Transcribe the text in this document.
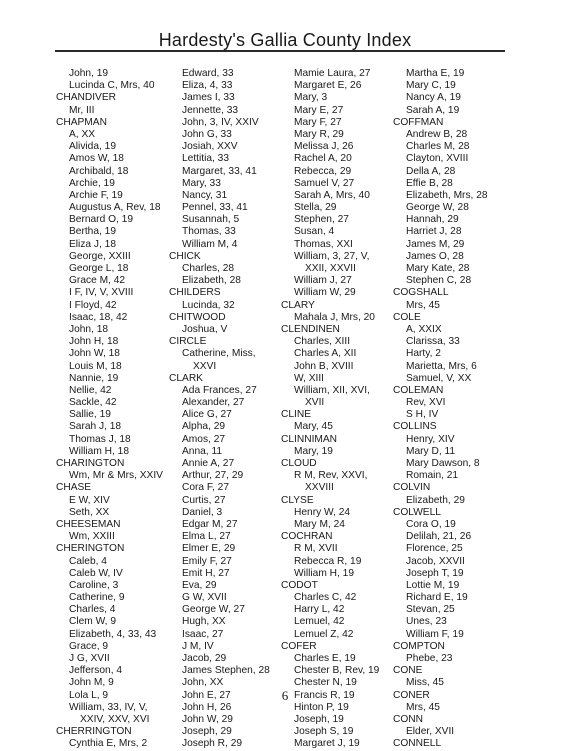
Hardesty's Gallia County Index
John, 19
Lucinda C, Mrs, 40
CHANDIVER
Mr, III
CHAPMAN
A, XX
Alivida, 19
Amos W, 18
Archibald, 18
Archie, 19
Archie F, 19
Augustus A, Rev, 18
Bernard O, 19
Bertha, 19
Eliza J, 18
George, XXIII
George L, 18
Grace M, 42
I F, IV, V, XVIII
I Floyd, 42
Isaac, 18, 42
John, 18
John H, 18
John W, 18
Louis M, 18
Nannie, 19
Nellie, 42
Sackle, 42
Sallie, 19
Sarah J, 18
Thomas J, 18
William H, 18
CHARINGTON
Wm, Mr & Mrs, XXIV
CHASE
E W, XIV
Seth, XX
CHEESEMAN
Wm, XXIII
CHERINGTON
Caleb, 4
Caleb W, IV
Caroline, 3
Catherine, 9
Charles, 4
Clem W, 9
Elizabeth, 4, 33, 43
Grace, 9
J G, XVII
Jefferson, 4
John M, 9
Lola L, 9
William, 33, IV, V,
XXIV, XXV, XVI
CHERRINGTON
Cynthia E, Mrs, 2
Edward, 33
Eliza, 4, 33
James I, 33
Jennette, 33
John, 3, IV, XXIV
John G, 33
Josiah, XXV
Lettitia, 33
Margaret, 33, 41
Mary, 33
Nancy, 31
Pennel, 33, 41
Susannah, 5
Thomas, 33
William M, 4
CHICK
Charles, 28
Elizabeth, 28
CHILDERS
Lucinda, 32
CHITWOOD
Joshua, V
CIRCLE
Catherine, Miss,
XXVI
CLARK
Ada Frances, 27
Alexander, 27
Alice G, 27
Alpha, 29
Amos, 27
Anna, 11
Annie A, 27
Arthur, 27, 29
Cora F, 27
Curtis, 27
Daniel, 3
Edgar M, 27
Elma L, 27
Elmer E, 29
Emily F, 27
Emit H, 27
Eva, 29
G W, XVII
George W, 27
Hugh, XX
Isaac, 27
J M, IV
Jacob, 29
James Stephen, 28
John, XX
John E, 27
John H, 26
John W, 29
Joseph, 29
Joseph R, 29
Mamie Laura, 27
Margaret E, 26
Mary, 3
Mary E, 27
Mary F, 27
Mary R, 29
Melissa J, 26
Rachel A, 20
Rebecca, 29
Samuel V, 27
Sarah A, Mrs, 40
Stella, 29
Stephen, 27
Susan, 4
Thomas, XXI
William, 3, 27, V,
XXII, XXVII
William J, 27
William W, 29
CLARY
Mahala J, Mrs, 20
CLENDINEN
Charles, XIII
Charles A, XII
John B, XVIII
W, XIII
William, XII, XVI,
XVII
CLINE
Mary, 45
CLINNIMAN
Mary, 19
CLOUD
R M, Rev, XXVI,
XXVIII
CLYSE
Henry W, 24
Mary M, 24
COCHRAN
R M, XVII
Rebecca R, 19
William H, 19
CODOT
Charles C, 42
Harry L, 42
Lemuel, 42
Lemuel Z, 42
COFER
Charles E, 19
Chester B, Rev, 19
Chester N, 19
Francis R, 19
Hinton P, 19
Joseph, 19
Joseph S, 19
Margaret J, 19
Martha E, 19
Mary C, 19
Nancy A, 19
Sarah A, 19
COFFMAN
Andrew B, 28
Charles M, 28
Clayton, XVIII
Della A, 28
Effie B, 28
Elizabeth, Mrs, 28
George W, 28
Hannah, 29
Harriet J, 28
James M, 29
James O, 28
Mary Kate, 28
Stephen C, 28
COGSHALL
Mrs, 45
COLE
A, XXIX
Clarissa, 33
Harty, 2
Marietta, Mrs, 6
Samuel, V, XX
COLEMAN
Rev, XVI
S H, IV
COLLINS
Henry, XIV
Mary D, 11
Mary Dawson, 8
Romain, 21
COLVIN
Elizabeth, 29
COLWELL
Cora O, 19
Delilah, 21, 26
Florence, 25
Jacob, XXVII
Joseph T, 19
Lottie M, 19
Richard E, 19
Stevan, 25
Unes, 23
William F, 19
COMPTON
Phebe, 23
CONE
Miss, 45
CONER
Mrs, 45
CONN
Elder, XVII
CONNELL
6
